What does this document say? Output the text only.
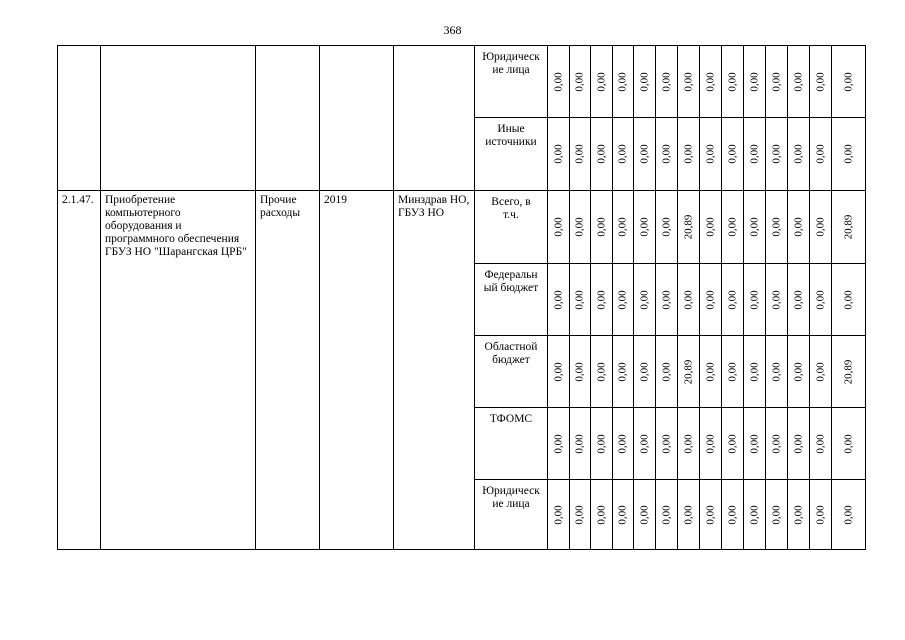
368
					Юридическ
ие лица	0,00	0,00	0,00	0,00	0,00	0,00	0,00	0,00	0,00	0,00	0,00	0,00	0,00	0,00

					Иные
источники	0,00	0,00	0,00	0,00	0,00	0,00	0,00	0,00	0,00	0,00	0,00	0,00	0,00	0,00

2.1.47.	Приобретение компьютерного оборудования и программного обеспечения ГБУЗ НО "Шарангская ЦРБ"	Прочие расходы	2019	Минздрав НО, ГБУЗ НО	Всего, в
т.ч.	0,00	0,00	0,00	0,00	0,00	0,00	20,89	0,00	0,00	0,00	0,00	0,00	0,00	20,89

					Федеральн
ый бюджет	0,00	0,00	0,00	0,00	0,00	0,00	0,00	0,00	0,00	0,00	0,00	0,00	0,00	0,00

					Областной
бюджет	0,00	0,00	0,00	0,00	0,00	0,00	20,89	0,00	0,00	0,00	0,00	0,00	0,00	20,89

					ТФОМС	0,00	0,00	0,00	0,00	0,00	0,00	0,00	0,00	0,00	0,00	0,00	0,00	0,00	0,00

					Юридическ
ие лица	0,00	0,00	0,00	0,00	0,00	0,00	0,00	0,00	0,00	0,00	0,00	0,00	0,00	0,00
